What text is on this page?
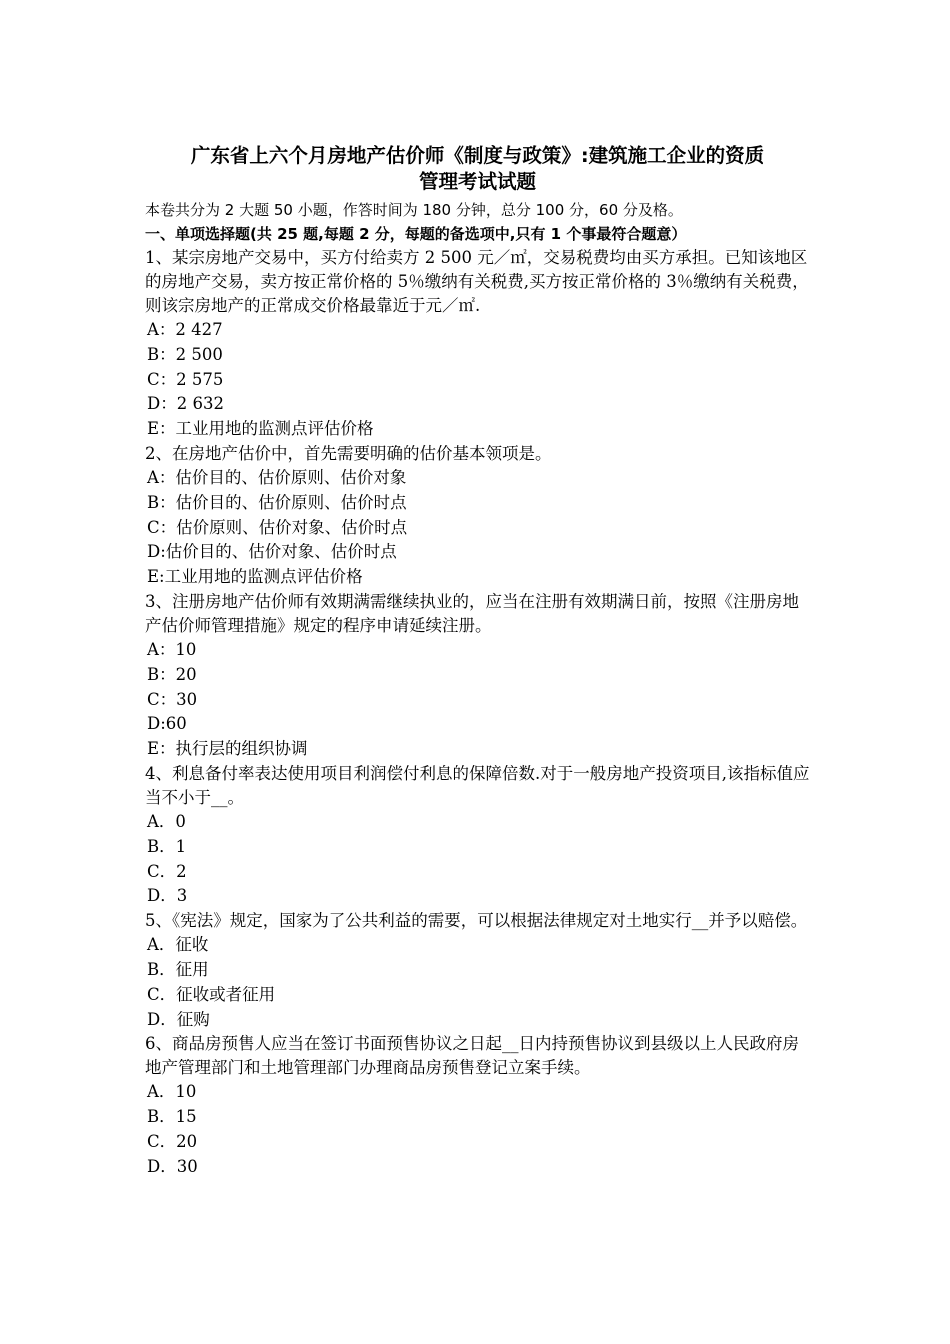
广东省上六个月房地产估价师《制度与政策》:建筑施工企业的资质
管理考试试题

本卷共分为 2 大题 50 小题，作答时间为 180 分钟，总分 100 分，60 分及格。

一、单项选择题(共 25 题,每题 2 分，每题的备选项中,只有 1 个事最符合题意）

1、某宗房地产交易中，买方付给卖方 2 500 元／㎡，交易税费均由买方承担。已知该地区的房地产交易，卖方按正常价格的 5％缴纳有关税费,买方按正常价格的 3％缴纳有关税费，则该宗房地产的正常成交价格最靠近于元／㎡.

A：2 427
B：2 500
C：2 575
D：2 632
E：工业用地的监测点评估价格

2、在房地产估价中，首先需要明确的估价基本领项是。

A：估价目的、估价原则、估价对象
B：估价目的、估价原则、估价时点
C：估价原则、估价对象、估价时点
D:估价目的、估价对象、估价时点
E:工业用地的监测点评估价格

3、注册房地产估价师有效期满需继续执业的，应当在注册有效期满日前，按照《注册房地产估价师管理措施》规定的程序申请延续注册。

A：10
B：20
C：30
D:60
E：执行层的组织协调

4、利息备付率表达使用项目利润偿付利息的保障倍数.对于一般房地产投资项目,该指标值应当不小于__。

A．0
B．1
C．2
D．3

5、《宪法》规定，国家为了公共利益的需要，可以根据法律规定对土地实行__并予以赔偿。

A．征收
B．征用
C．征收或者征用
D．征购

6、商品房预售人应当在签订书面预售协议之日起__日内持预售协议到县级以上人民政府房地产管理部门和土地管理部门办理商品房预售登记立案手续。

A．10
B．15
C．20
D．30
